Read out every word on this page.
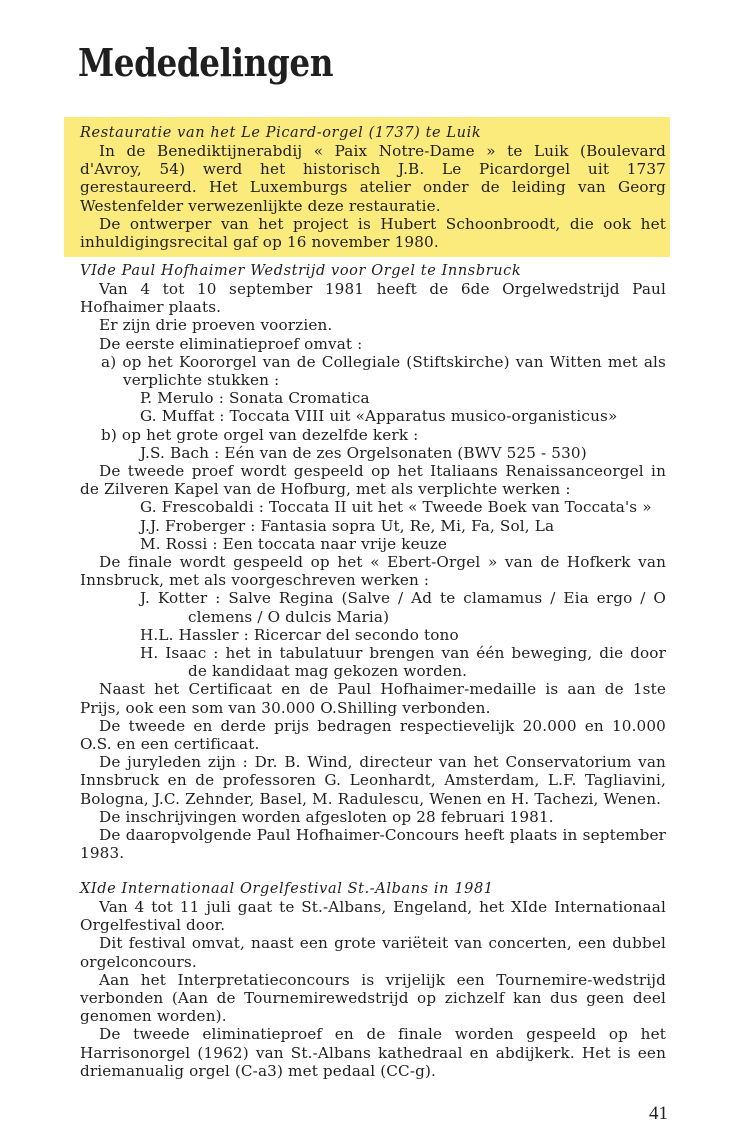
Mededelingen
Restauratie van het Le Picard-orgel (1737) te Luik

In de Benediktijnerabdij « Paix Notre-Dame » te Luik (Boulevard d'Avroy, 54) werd het historisch J.B. Le Picardorgel uit 1737 gerestaureerd. Het Luxemburgs atelier onder de leiding van Georg Westenfelder verwezenlijkte deze restauratie.

De ontwerper van het project is Hubert Schoonbroodt, die ook het inhuldigingsrecital gaf op 16 november 1980.

VIde Paul Hofhaimer Wedstrijd voor Orgel te Innsbruck

Van 4 tot 10 september 1981 heeft de 6de Orgelwedstrijd Paul Hofhaimer plaats.

Er zijn drie proeven voorzien.

De eerste eliminatieproef omvat :

a) op het Koororgel van de Collegiale (Stiftskirche) van Witten met als verplichte stukken :

P. Merulo : Sonata Cromatica

G. Muffat : Toccata VIII uit «Apparatus musico-organisticus»

b) op het grote orgel van dezelfde kerk :

J.S. Bach : Eén van de zes Orgelsonaten (BWV 525 - 530)

De tweede proef wordt gespeeld op het Italiaans Renaissanceorgel in de Zilveren Kapel van de Hofburg, met als verplichte werken :

G. Frescobaldi : Toccata II uit het « Tweede Boek van Toccata's »

J.J. Froberger : Fantasia sopra Ut, Re, Mi, Fa, Sol, La

M. Rossi : Een toccata naar vrije keuze

De finale wordt gespeeld op het « Ebert-Orgel » van de Hofkerk van Innsbruck, met als voorgeschreven werken :

J. Kotter : Salve Regina (Salve / Ad te clamamus / Eia ergo / O clemens / O dulcis Maria)

H.L. Hassler : Ricercar del secondo tono

H. Isaac : het in tabulatuur brengen van één beweging, die door de kandidaat mag gekozen worden.

Naast het Certificaat en de Paul Hofhaimer-medaille is aan de 1ste Prijs, ook een som van 30.000 O.Shilling verbonden.

De tweede en derde prijs bedragen respectievelijk 20.000 en 10.000 O.S. en een certificaat.

De juryleden zijn : Dr. B. Wind, directeur van het Conservatorium van Innsbruck en de professoren G. Leonhardt, Amsterdam, L.F. Tagliavini, Bologna, J.C. Zehnder, Basel, M. Radulescu, Wenen en H. Tachezi, Wenen.

De inschrijvingen worden afgesloten op 28 februari 1981.

De daaropvolgende Paul Hofhaimer-Concours heeft plaats in september 1983.

XIde Internationaal Orgelfestival St.-Albans in 1981

Van 4 tot 11 juli gaat te St.-Albans, Engeland, het XIde Internationaal Orgelfestival door.

Dit festival omvat, naast een grote variëteit van concerten, een dubbel orgelconcours.

Aan het Interpretatieconcours is vrijelijk een Tournemire-wedstrijd verbonden (Aan de Tournemirewedstrijd op zichzelf kan dus geen deel genomen worden).

De tweede eliminatieproef en de finale worden gespeeld op het Harrisonorgel (1962) van St.-Albans kathedraal en abdijkerk. Het is een driemanualig orgel (C-a3) met pedaal (CC-g).

41
